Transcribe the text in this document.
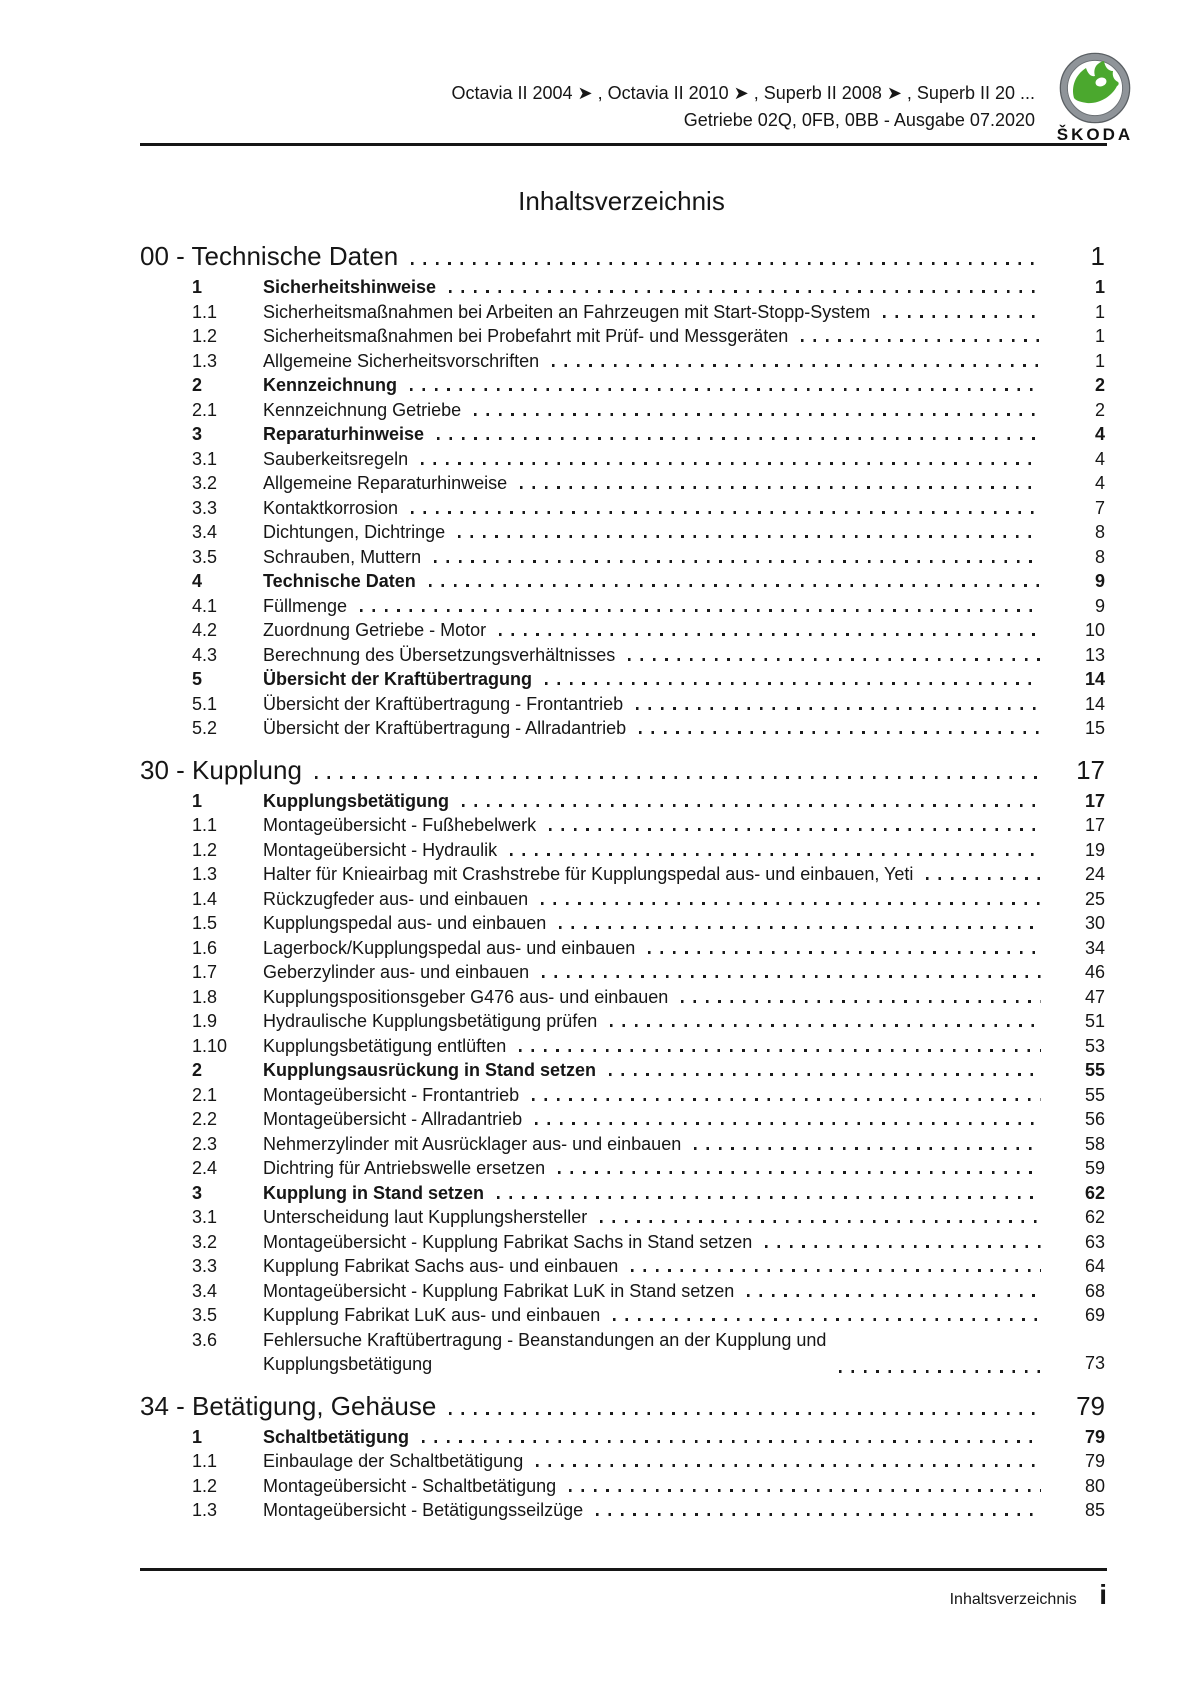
Octavia II 2004 ➤ , Octavia II 2010 ➤ , Superb II 2008 ➤ , Superb II 20 ...
Getriebe 02Q, 0FB, 0BB - Ausgabe 07.2020
ŠKODA
Inhaltsverzeichnis
00 - Technische Daten	1
1	Sicherheitshinweise	1
1.1	Sicherheitsmaßnahmen bei Arbeiten an Fahrzeugen mit Start-Stopp-System	1
1.2	Sicherheitsmaßnahmen bei Probefahrt mit Prüf- und Messgeräten	1
1.3	Allgemeine Sicherheitsvorschriften	1
2	Kennzeichnung	2
2.1	Kennzeichnung Getriebe	2
3	Reparaturhinweise	4
3.1	Sauberkeitsregeln	4
3.2	Allgemeine Reparaturhinweise	4
3.3	Kontaktkorrosion	7
3.4	Dichtungen, Dichtringe	8
3.5	Schrauben, Muttern	8
4	Technische Daten	9
4.1	Füllmenge	9
4.2	Zuordnung Getriebe - Motor	10
4.3	Berechnung des Übersetzungsverhältnisses	13
5	Übersicht der Kraftübertragung	14
5.1	Übersicht der Kraftübertragung - Frontantrieb	14
5.2	Übersicht der Kraftübertragung - Allradantrieb	15
30 - Kupplung	17
1	Kupplungsbetätigung	17
1.1	Montageübersicht - Fußhebelwerk	17
1.2	Montageübersicht - Hydraulik	19
1.3	Halter für Knieairbag mit Crashstrebe für Kupplungspedal aus- und einbauen, Yeti	24
1.4	Rückzugfeder aus- und einbauen	25
1.5	Kupplungspedal aus- und einbauen	30
1.6	Lagerbock/Kupplungspedal aus- und einbauen	34
1.7	Geberzylinder aus- und einbauen	46
1.8	Kupplungspositionsgeber G476 aus- und einbauen	47
1.9	Hydraulische Kupplungsbetätigung prüfen	51
1.10	Kupplungsbetätigung entlüften	53
2	Kupplungsausrückung in Stand setzen	55
2.1	Montageübersicht - Frontantrieb	55
2.2	Montageübersicht - Allradantrieb	56
2.3	Nehmerzylinder mit Ausrücklager aus- und einbauen	58
2.4	Dichtring für Antriebswelle ersetzen	59
3	Kupplung in Stand setzen	62
3.1	Unterscheidung laut Kupplungshersteller	62
3.2	Montageübersicht - Kupplung Fabrikat Sachs in Stand setzen	63
3.3	Kupplung Fabrikat Sachs aus- und einbauen	64
3.4	Montageübersicht - Kupplung Fabrikat LuK in Stand setzen	68
3.5	Kupplung Fabrikat LuK aus- und einbauen	69
3.6	Fehlersuche Kraftübertragung - Beanstandungen an der Kupplung und
Kupplungsbetätigung	73
34 - Betätigung, Gehäuse	79
1	Schaltbetätigung	79
1.1	Einbaulage der Schaltbetätigung	79
1.2	Montageübersicht - Schaltbetätigung	80
1.3	Montageübersicht - Betätigungsseilzüge	85
Inhaltsverzeichnis i
